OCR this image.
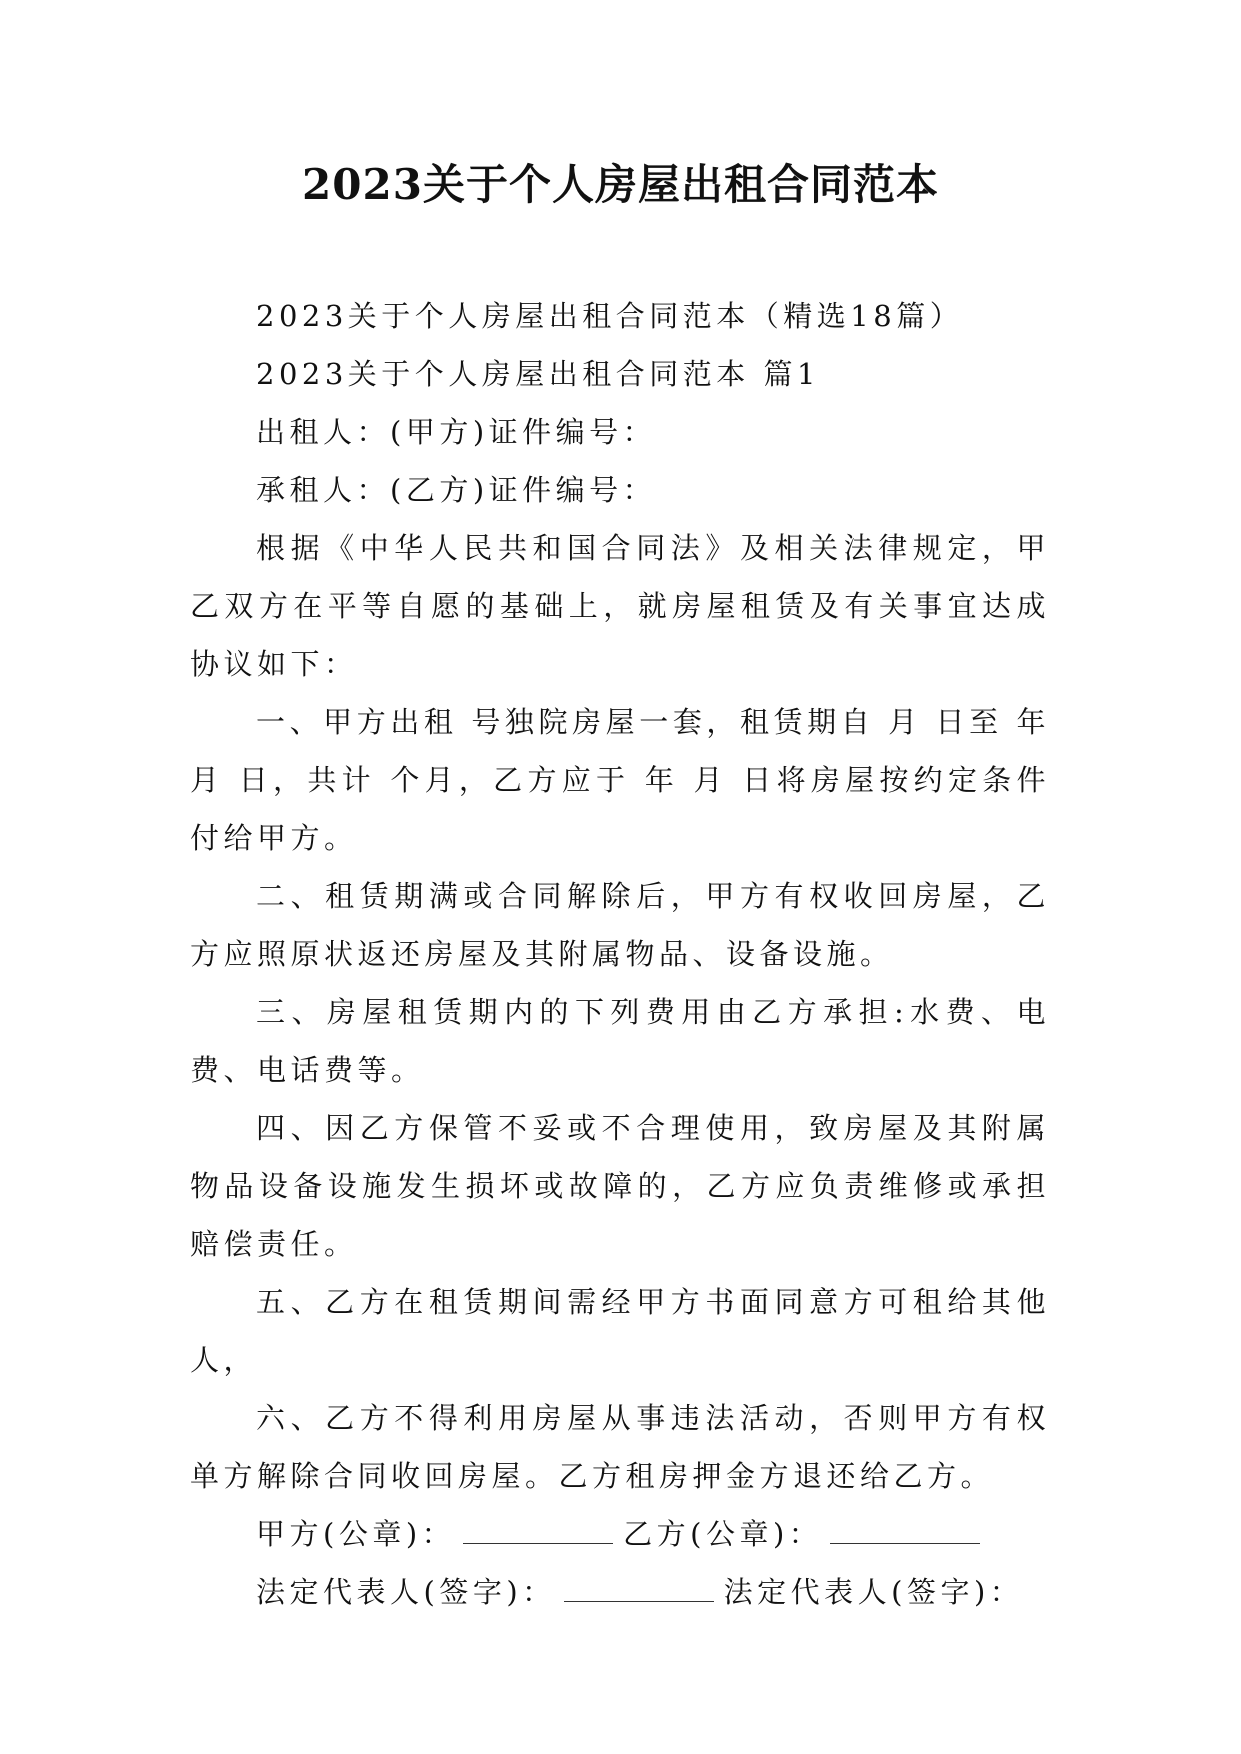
2023关于个人房屋出租合同范本

2023关于个人房屋出租合同范本（精选18篇）

2023关于个人房屋出租合同范本 篇1

出租人：(甲方)证件编号：

承租人：(乙方)证件编号：

根据《中华人民共和国合同法》及相关法律规定，甲乙双方在平等自愿的基础上，就房屋租赁及有关事宜达成协议如下：

一、甲方出租 号独院房屋一套，租赁期自 月 日至 年 月 日，共计 个月，乙方应于 年 月 日将房屋按约定条件付给甲方。

二、租赁期满或合同解除后，甲方有权收回房屋，乙方应照原状返还房屋及其附属物品、设备设施。

三、房屋租赁期内的下列费用由乙方承担:水费、电费、电话费等。

四、因乙方保管不妥或不合理使用，致房屋及其附属物品设备设施发生损坏或故障的，乙方应负责维修或承担赔偿责任。

五、乙方在租赁期间需经甲方书面同意方可租给其他人，

六、乙方不得利用房屋从事违法活动，否则甲方有权单方解除合同收回房屋。乙方租房押金方退还给乙方。

甲方(公章)：	乙方(公章)：

法定代表人(签字)：	法定代表人(签字)：
